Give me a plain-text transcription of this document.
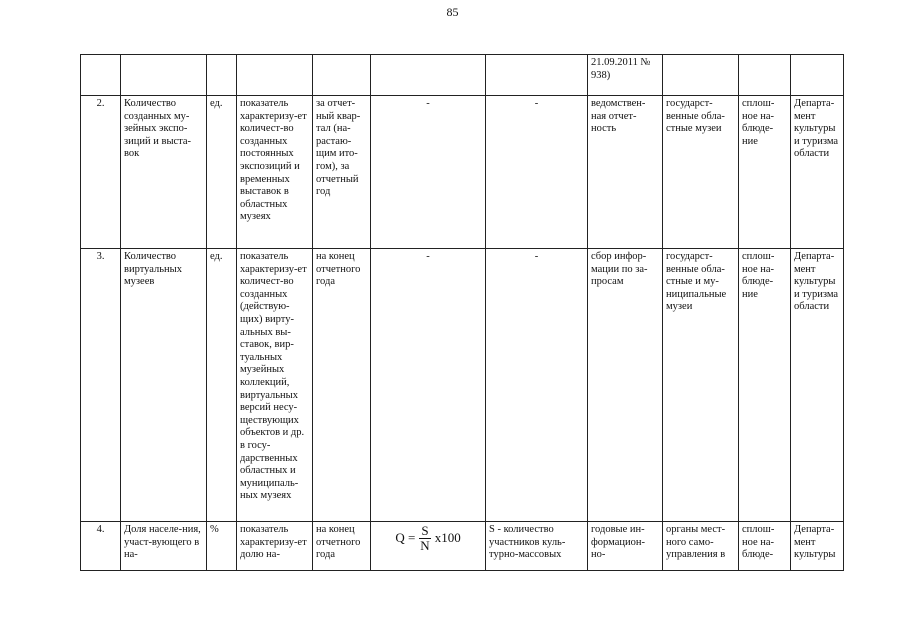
85
							21.09.2011 № 938)			
2.	Количество созданных му-зейных экспо-зиций и выста-вок	ед.	показатель характеризу-ет количест-во созданных постоянных экспозиций и временных выставок в областных музеях	за отчет-ный квар-тал (на-растаю-щим ито-гом), за отчетный год	-	-	ведомствен-ная отчет-ность	государст-венные обла-стные музеи	сплош-ное на-блюде-ние	Департа-мент культуры и туризма области
3.	Количество виртуальных музеев	ед.	показатель характеризу-ет количест-во созданных (действую-щих) вирту-альных вы-ставок, вир-туальных музейных коллекций, виртуальных версий несу-ществующих объектов и др. в госу-дарственных областных и муниципаль-ных музеях	на конец отчетного года	-	-	сбор инфор-мации по за-просам	государст-венные обла-стные и му-ниципальные музеи	сплош-ное на-блюде-ние	Департа-мент культуры и туризма области
4.	Доля населе-ния, участ-вующего в на-	%	показатель характеризу-ет долю на-	на конец отчетного года	$Q = \frac{S}{N} x100$	S - количество участников куль-турно-массовых	годовые ин-формацион-но-	органы мест-ного само-управления в	сплош-ное на-блюде-	Департа-мент культуры
